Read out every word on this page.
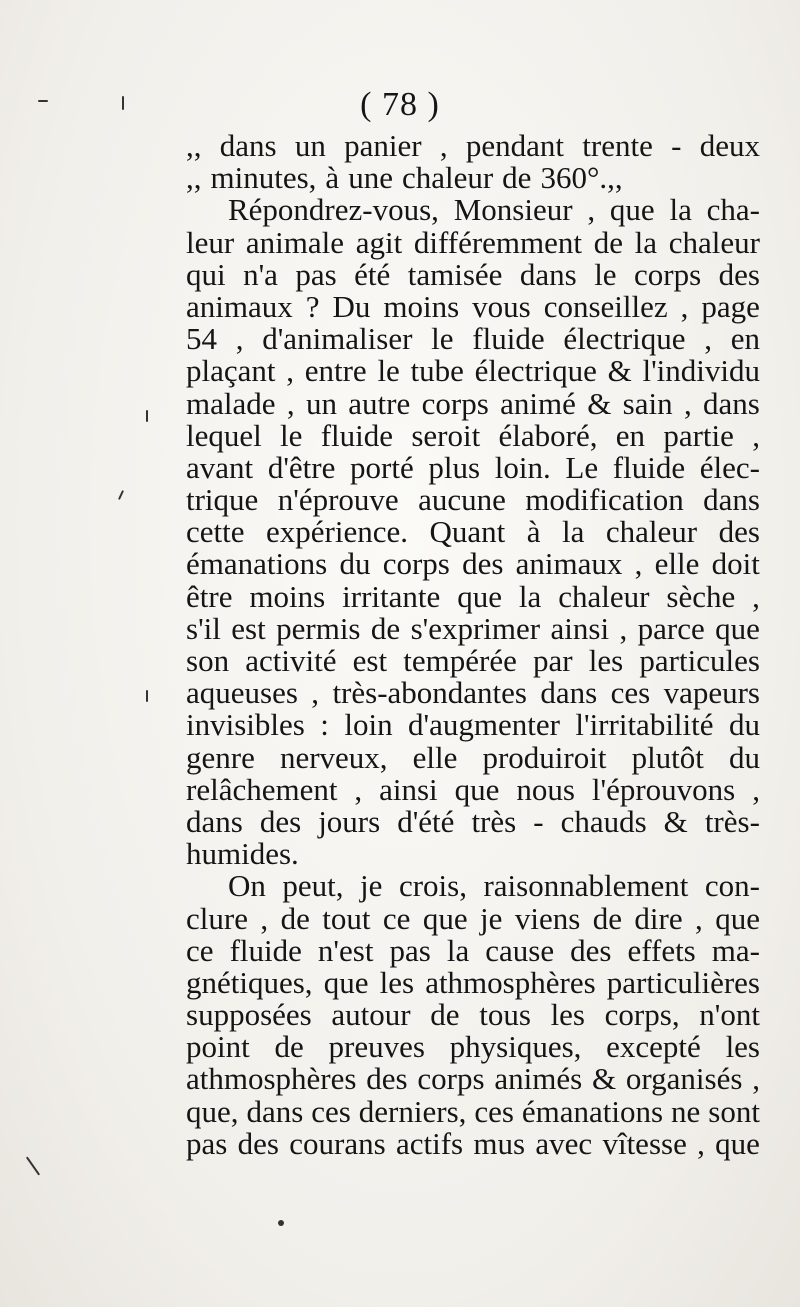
( 78 )
,, dans un panier , pendant trente - deux
,, minutes, à une chaleur de 360°.,,
Répondrez-vous, Monsieur , que la cha-
leur animale agit différemment de la chaleur
qui n'a pas été tamisée dans le corps des
animaux ? Du moins vous conseillez , page
54 , d'animaliser le fluide électrique , en
plaçant , entre le tube électrique & l'individu
malade , un autre corps animé & sain , dans
lequel le fluide seroit élaboré, en partie ,
avant d'être porté plus loin. Le fluide élec-
trique n'éprouve aucune modification dans
cette expérience. Quant à la chaleur des
émanations du corps des animaux , elle doit
être moins irritante que la chaleur sèche ,
s'il est permis de s'exprimer ainsi , parce que
son activité est tempérée par les particules
aqueuses , très-abondantes dans ces vapeurs
invisibles : loin d'augmenter l'irritabilité du
genre nerveux, elle produiroit plutôt du
relâchement , ainsi que nous l'éprouvons ,
dans des jours d'été très - chauds & très-
humides.
On peut, je crois, raisonnablement con-
clure , de tout ce que je viens de dire , que
ce fluide n'est pas la cause des effets ma-
gnétiques, que les athmosphères particulières
supposées autour de tous les corps, n'ont
point de preuves physiques, excepté les
athmosphères des corps animés & organisés ,
que, dans ces derniers, ces émanations ne sont
pas des courans actifs mus avec vîtesse , que
